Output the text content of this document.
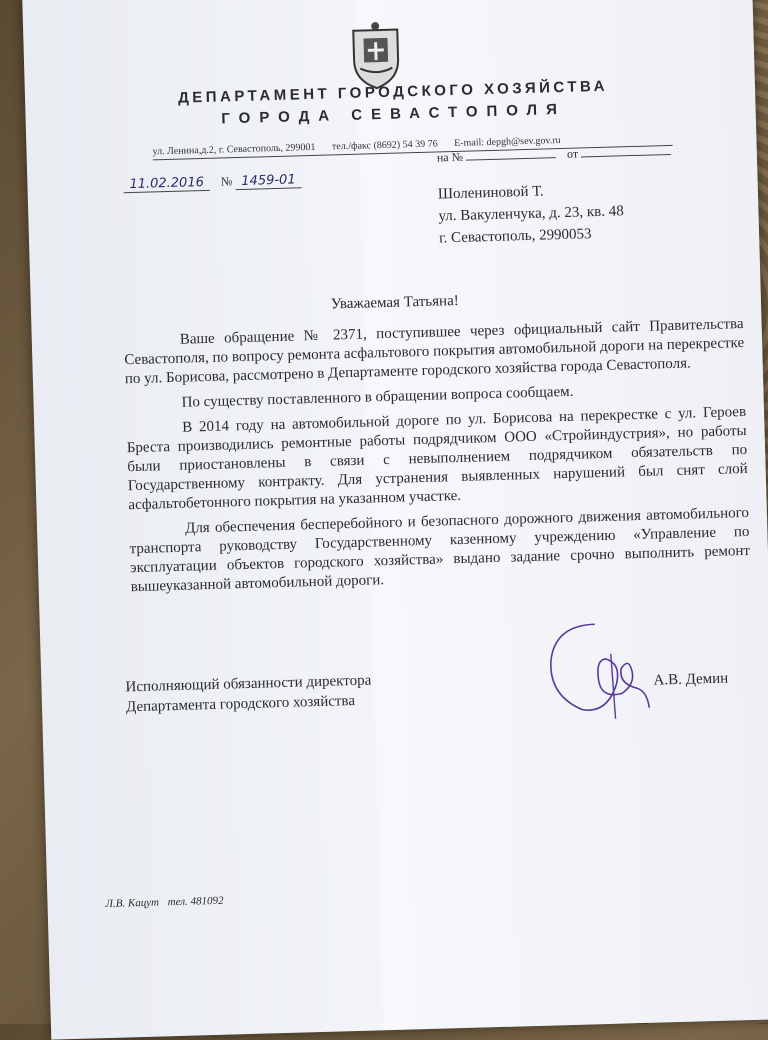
ДЕПАРТАМЕНТ ГОРОДСКОГО ХОЗЯЙСТВА
ГОРОДА СЕВАСТОПОЛЯ
ул. Ленина,д.2, г. Севастополь, 299001 тел./факс (8692) 54 39 76 E-mail: depgh@sev.gov.ru
11.02.2016 № 1459-01
на №	от
Шолениновой Т.
ул. Вакуленчука, д. 23, кв. 48
г. Севастополь, 2990053
Уважаемая Татьяна!

Ваше обращение № 2371, поступившее через официальный сайт Правительства Севастополя, по вопросу ремонта асфальтового покрытия автомобильной дороги на перекрестке по ул. Борисова, рассмотрено в Департаменте городского хозяйства города Севастополя.

По существу поставленного в обращении вопроса сообщаем.

В 2014 году на автомобильной дороге по ул. Борисова на перекрестке с ул. Героев Бреста производились ремонтные работы подрядчиком ООО «Стройиндустрия», но работы были приостановлены в связи с невыполнением подрядчиком обязательств по Государственному контракту. Для устранения выявленных нарушений был снят слой асфальтобетонного покрытия на указанном участке.

Для обеспечения бесперебойного и безопасного дорожного движения автомобильного транспорта руководству Государственному казенному учреждению «Управление по эксплуатации объектов городского хозяйства» выдано задание срочно выполнить ремонт вышеуказанной автомобильной дороги.

Исполняющий обязанности директора
Департамента городского хозяйства
А.В. Демин
Л.В. Кацут тел. 481092
